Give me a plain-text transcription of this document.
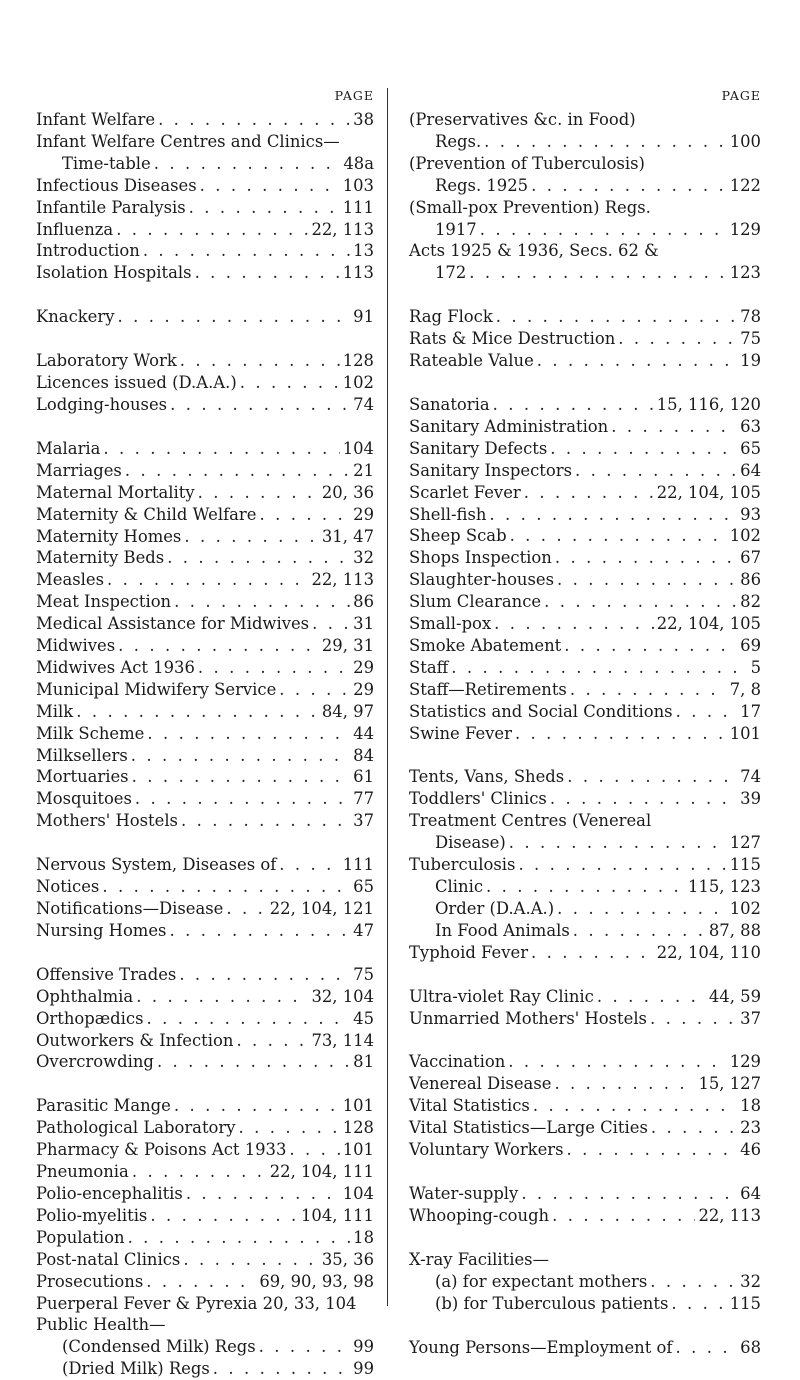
PAGE
Infant Welfare . . .	38
Infant Welfare Centres and Clinics—
Time-table . . .	48a
Infectious Diseases . . .	103
Infantile Paralysis . . .	111
Influenza . . .	22, 113
Introduction . . .	13
Isolation Hospitals . . .	113
Knackery . . .	91
Laboratory Work . . .	128
Licences issued (D.A.A.) . . .	102
Lodging-houses . . .	74
Malaria . . .	104
Marriages . . .	21
Maternal Mortality . . .	20, 36
Maternity & Child Welfare . . .	29
Maternity Homes . . .	31, 47
Maternity Beds . . .	32
Measles . . .	22, 113
Meat Inspection . . .	86
Medical Assistance for Midwives . . .	31
Midwives . . .	29, 31
Midwives Act 1936 . . .	29
Municipal Midwifery Service . . .	29
Milk . . .	84, 97
Milk Scheme . . .	44
Milksellers . . .	84
Mortuaries . . .	61
Mosquitoes . . .	77
Mothers' Hostels . . .	37
Nervous System, Diseases of . . .	111
Notices . . .	65
Notifications—Disease . . .	22, 104, 121
Nursing Homes . . .	47
Offensive Trades . . .	75
Ophthalmia . . .	32, 104
Orthopædics . . .	45
Outworkers & Infection . . .	73, 114
Overcrowding . . .	81
Parasitic Mange . . .	101
Pathological Laboratory . . .	128
Pharmacy & Poisons Act 1933 . . .	101
Pneumonia . . .	22, 104, 111
Polio-encephalitis . . .	104
Polio-myelitis . . .	104, 111
Population . . .	18
Post-natal Clinics . . .	35, 36
Prosecutions . . .	69, 90, 93, 98
Puerperal Fever & Pyrexia 20, 33, 104
Public Health—
(Condensed Milk) Regs . . .	99
(Dried Milk) Regs . . .	99
PAGE
(Preservatives &c. in Food)
Regs. . . .	100
(Prevention of Tuberculosis)
Regs. 1925 . . .	122
(Small-pox Prevention) Regs.
1917 . . .	129
Acts 1925 & 1936, Secs. 62 &
172 . . .	123
Rag Flock . . .	78
Rats & Mice Destruction . . .	75
Rateable Value . . .	19
Sanatoria . . .	15, 116, 120
Sanitary Administration . . .	63
Sanitary Defects . . .	65
Sanitary Inspectors . . .	64
Scarlet Fever . . .	22, 104, 105
Shell-fish . . .	93
Sheep Scab . . .	102
Shops Inspection . . .	67
Slaughter-houses . . .	86
Slum Clearance . . .	82
Small-pox . . .	22, 104, 105
Smoke Abatement . . .	69
Staff . . .	5
Staff—Retirements . . .	7, 8
Statistics and Social Conditions . . .	17
Swine Fever . . .	101
Tents, Vans, Sheds . . .	74
Toddlers' Clinics . . .	39
Treatment Centres (Venereal
Disease) . . .	127
Tuberculosis . . .	115
Clinic . . .	115, 123
Order (D.A.A.) . . .	102
In Food Animals . . .	87, 88
Typhoid Fever . . .	22, 104, 110
Ultra-violet Ray Clinic . . .	44, 59
Unmarried Mothers' Hostels . . .	37
Vaccination . . .	129
Venereal Disease . . .	15, 127
Vital Statistics . . .	18
Vital Statistics—Large Cities . . .	23
Voluntary Workers . . .	46
Water-supply . . .	64
Whooping-cough . . .	22, 113
X-ray Facilities—
(a) for expectant mothers . . .	32
(b) for Tuberculous patients . . .	115
Young Persons—Employment of . . .	68
